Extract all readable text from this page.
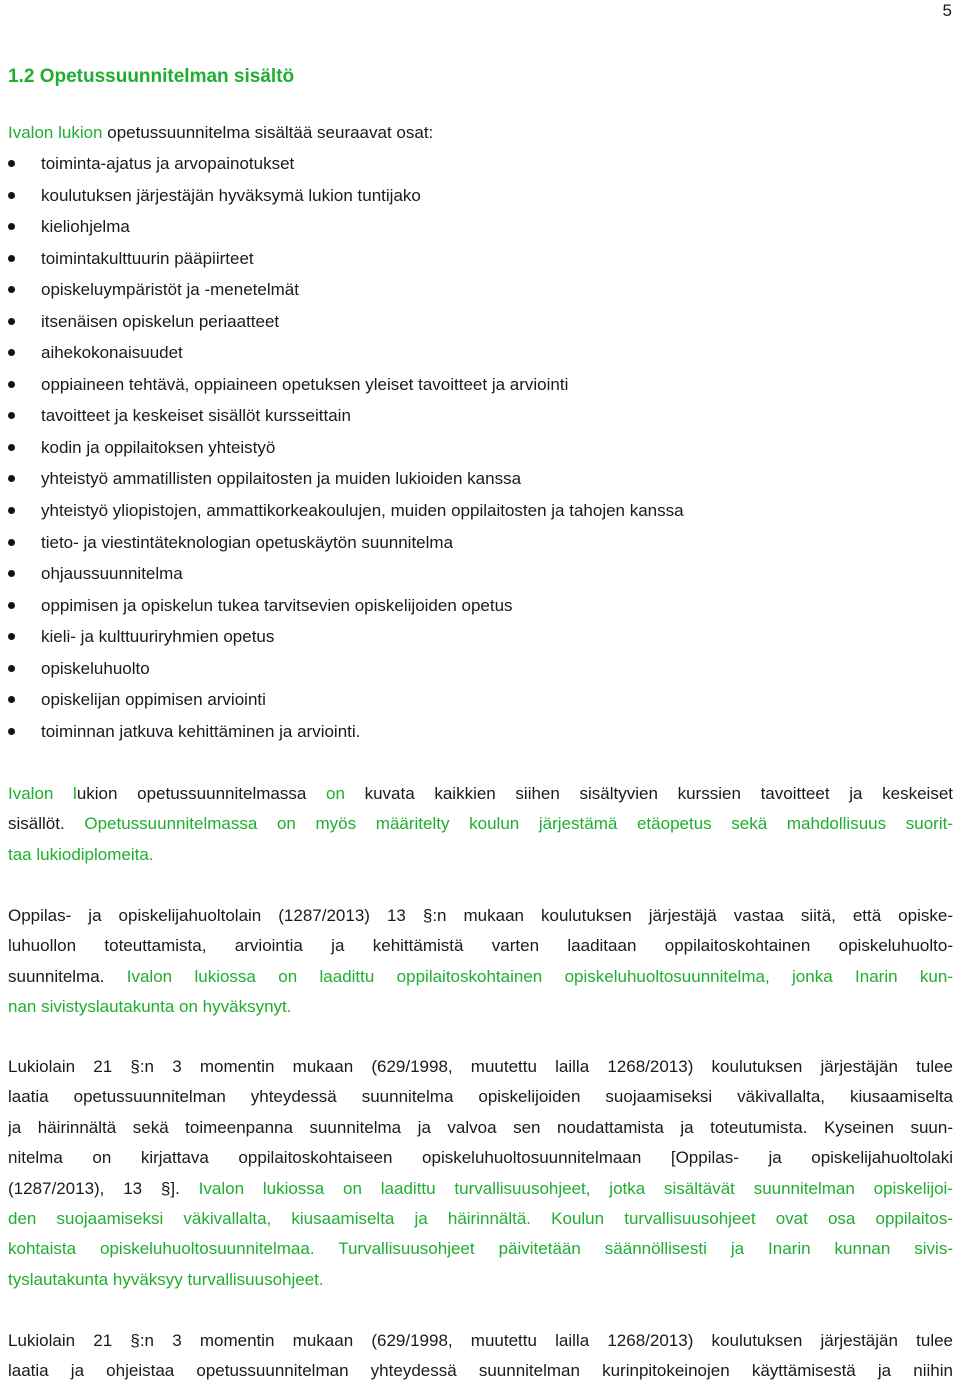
5
1.2 Opetussuunnitelman sisältö
Ivalon lukion opetussuunnitelma sisältää seuraavat osat:
toiminta-ajatus ja arvopainotukset
koulutuksen järjestäjän hyväksymä lukion tuntijako
kieliohjelma
toimintakulttuurin pääpiirteet
opiskeluympäristöt ja -menetelmät
itsenäisen opiskelun periaatteet
aihekokonaisuudet
oppiaineen tehtävä, oppiaineen opetuksen yleiset tavoitteet ja arviointi
tavoitteet ja keskeiset sisällöt kursseittain
kodin ja oppilaitoksen yhteistyö
yhteistyö ammatillisten oppilaitosten ja muiden lukioiden kanssa
yhteistyö yliopistojen, ammattikorkeakoulujen, muiden oppilaitosten ja tahojen kanssa
tieto- ja viestintäteknologian opetuskäytön suunnitelma
ohjaussuunnitelma
oppimisen ja opiskelun tukea tarvitsevien opiskelijoiden opetus
kieli- ja kulttuuriryhmien opetus
opiskeluhuolto
opiskelijan oppimisen arviointi
toiminnan jatkuva kehittäminen ja arviointi.
Ivalon lukion opetussuunnitelmassa on kuvata kaikkien siihen sisältyvien kurssien tavoitteet ja keskeiset
sisällöt. Opetussuunnitelmassa on myös määritelty koulun järjestämä etäopetus sekä mahdollisuus suorit-
taa lukiodiplomeita.
Oppilas- ja opiskelijahuoltolain (1287/2013) 13 §:n mukaan koulutuksen järjestäjä vastaa siitä, että opiske-
luhuollon toteuttamista, arviointia ja kehittämistä varten laaditaan oppilaitoskohtainen opiskeluhuolto-
suunnitelma. Ivalon lukiossa on laadittu oppilaitoskohtainen opiskeluhuoltosuunnitelma, jonka Inarin kun-
nan sivistyslautakunta on hyväksynyt.
Lukiolain 21 §:n 3 momentin mukaan (629/1998, muutettu lailla 1268/2013) koulutuksen järjestäjän tulee
laatia opetussuunnitelman yhteydessä suunnitelma opiskelijoiden suojaamiseksi väkivallalta, kiusaamiselta
ja häirinnältä sekä toimeenpanna suunnitelma ja valvoa sen noudattamista ja toteutumista. Kyseinen suun-
nitelma on kirjattava oppilaitoskohtaiseen opiskeluhuoltosuunnitelmaan [Oppilas- ja opiskelijahuoltolaki
(1287/2013), 13 §]. Ivalon lukiossa on laadittu turvallisuusohjeet, jotka sisältävät suunnitelman opiskelijoi-
den suojaamiseksi väkivallalta, kiusaamiselta ja häirinnältä. Koulun turvallisuusohjeet ovat osa oppilaitos-
kohtaista opiskeluhuoltosuunnitelmaa. Turvallisuusohjeet päivitetään säännöllisesti ja Inarin kunnan sivis-
tyslautakunta hyväksyy turvallisuusohjeet.
Lukiolain 21 §:n 3 momentin mukaan (629/1998, muutettu lailla 1268/2013) koulutuksen järjestäjän tulee
laatia ja ohjeistaa opetussuunnitelman yhteydessä suunnitelman kurinpitokeinojen käyttämisestä ja niihin
